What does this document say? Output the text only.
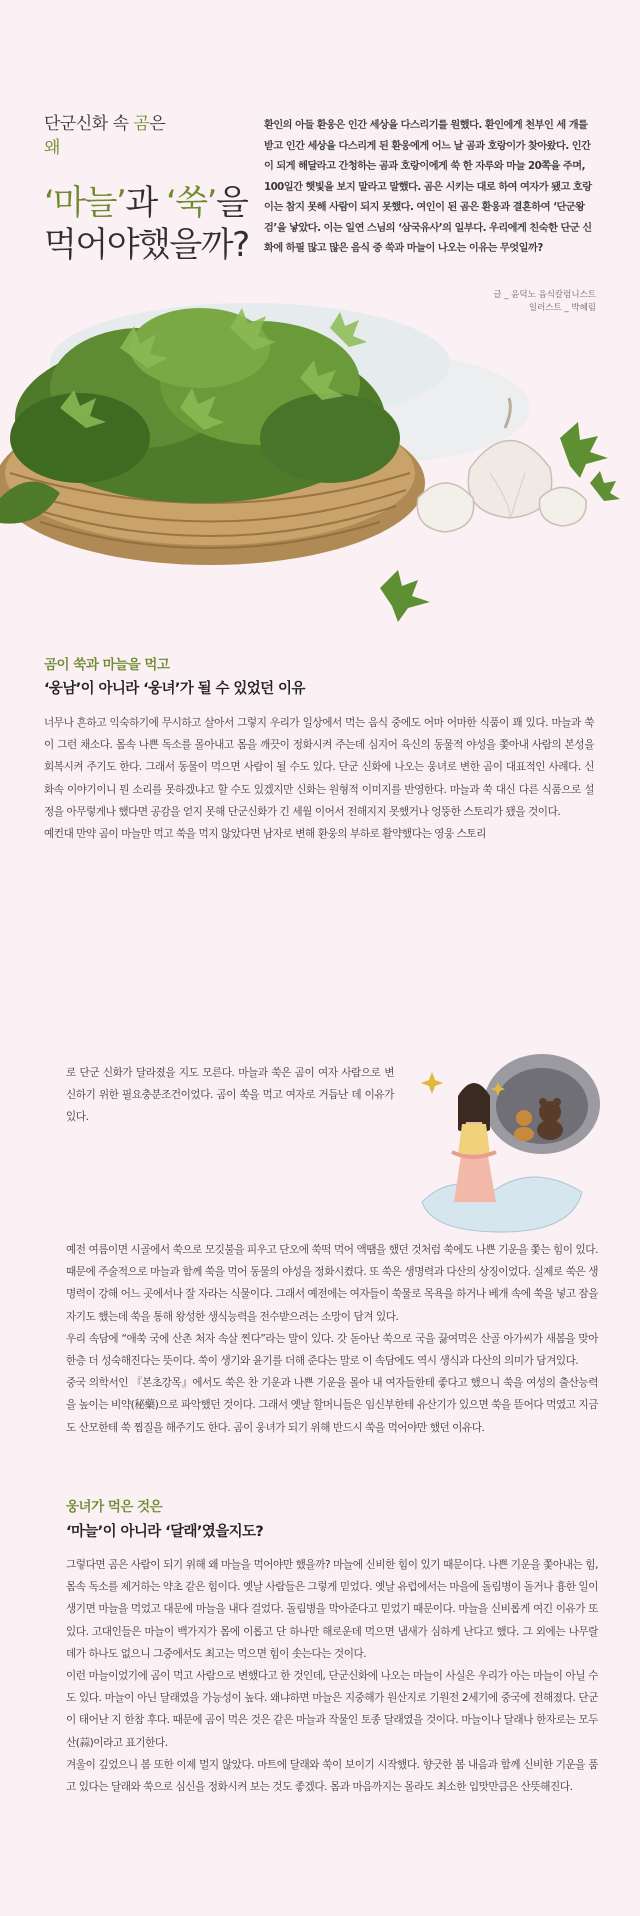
단군신화 속 곰은
왜
‘마늘’과 ‘쑥’을
먹어야했을까?
환인의 아들 환웅은 인간 세상을 다스리기를 원했다. 환인에게 천부인 세 개를 받고 인간 세상을 다스리게 된 환웅에게 어느 날 곰과 호랑이가 찾아왔다. 인간이 되게 해달라고 간청하는 곰과 호랑이에게 쑥 한 자루와 마늘 20쪽을 주며, 100일간 햇빛을 보지 말라고 말했다. 곰은 시키는 대로 하여 여자가 됐고 호랑이는 참지 못해 사람이 되지 못했다. 여인이 된 곰은 환웅과 결혼하여 ‘단군왕검’을 낳았다. 이는 일연 스님의 ‘삼국유사’의 일부다. 우리에게 친숙한 단군 신화에 하필 많고 많은 음식 중 쑥과 마늘이 나오는 이유는 무엇일까?
글 _ 윤덕노 음식칼럼니스트
일러스트 _ 박혜림
곰이 쑥과 마늘을 먹고
‘웅남’이 아니라 ‘웅녀’가 될 수 있었던 이유
너무나 흔하고 익숙하기에 무시하고 살아서 그렇지 우리가 일상에서 먹는 음식 중에도 어마 어마한 식품이 꽤 있다. 마늘과 쑥이 그런 채소다. 몸속 나쁜 독소를 몰아내고 몸을 깨끗이 정화시켜 주는데 심지어 육신의 동물적 야성을 쫓아내 사람의 본성을 회복시켜 주기도 한다. 그래서 동물이 먹으면 사람이 될 수도 있다. 단군 신화에 나오는 웅녀로 변한 곰이 대표적인 사례다. 신화속 이야기이니 뭔 소리를 못하겠냐고 할 수도 있겠지만 신화는 원형적 이미지를 반영한다. 마늘과 쑥 대신 다른 식품으로 설정을 아무렇게나 했다면 공감을 얻지 못해 단군신화가 긴 세월 이어서 전해지지 못했거나 엉뚱한 스토리가 됐을 것이다.
예컨대 만약 곰이 마늘만 먹고 쑥을 먹지 않았다면 남자로 변해 환웅의 부하로 활약했다는 영웅 스토리
로 단군 신화가 달라졌을 지도 모른다. 마늘과 쑥은 곰이 여자 사람으로 변신하기 위한 필요충분조건이었다. 곰이 쑥을 먹고 여자로 거듭난 데 이유가 있다.
예전 여름이면 시골에서 쑥으로 모깃불을 피우고 단오에 쑥떡 먹어 액땜을 했던 것처럼 쑥에도 나쁜 기운을 쫓는 힘이 있다. 때문에 주술적으로 마늘과 함께 쑥을 먹어 동물의 야성을 정화시켰다. 또 쑥은 생명력과 다산의 상징이었다. 실제로 쑥은 생명력이 강해 어느 곳에서나 잘 자라는 식물이다. 그래서 예전에는 여자들이 쑥물로 목욕을 하거나 베개 속에 쑥을 넣고 잠을 자기도 했는데 쑥을 통해 왕성한 생식능력을 전수받으려는 소망이 담겨 있다.
우리 속담에 “애쑥 국에 산촌 처자 속살 찐다”라는 말이 있다. 갓 돋아난 쑥으로 국을 끓여먹은 산골 아가씨가 새봄을 맞아 한층 더 성숙해진다는 뜻이다. 쑥이 생기와 윤기를 더해 준다는 말로 이 속담에도 역시 생식과 다산의 의미가 담겨있다.
중국 의학서인 『본초강목』에서도 쑥은 찬 기운과 나쁜 기운을 몰아 내 여자들한테 좋다고 했으니 쑥을 여성의 출산능력을 높이는 비약(秘藥)으로 파악했던 것이다. 그래서 옛날 할머니들은 임신부한테 유산기가 있으면 쑥을 뜯어다 먹였고 지금도 산모한테 쑥 찜질을 해주기도 한다. 곰이 웅녀가 되기 위해 반드시 쑥을 먹어야만 했던 이유다.
웅녀가 먹은 것은
‘마늘’이 아니라 ‘달래’였을지도?
그렇다면 곰은 사람이 되기 위해 왜 마늘을 먹어야만 했을까? 마늘에 신비한 힘이 있기 때문이다. 나쁜 기운을 쫓아내는 힘, 몸속 독소를 제거하는 약초 같은 힘이다. 옛날 사람들은 그렇게 믿었다. 옛날 유럽에서는 마을에 돌림병이 돌거나 흉한 일이 생기면 마늘을 먹었고 대문에 마늘을 내다 걸었다. 돌림병을 막아준다고 믿었기 때문이다. 마늘을 신비롭게 여긴 이유가 또 있다. 고대인들은 마늘이 백가지가 몸에 이롭고 단 하나만 해로운데 먹으면 냄새가 심하게 난다고 했다. 그 외에는 나무랄 데가 하나도 없으니 그중에서도 최고는 먹으면 힘이 솟는다는 것이다.
이런 마늘이었기에 곰이 먹고 사람으로 변했다고 한 것인데, 단군신화에 나오는 마늘이 사실은 우리가 아는 마늘이 아닐 수도 있다. 마늘이 아닌 달래였을 가능성이 높다. 왜냐하면 마늘은 지중해가 원산지로 기원전 2세기에 중국에 전해졌다. 단군이 태어난 지 한참 후다. 때문에 곰이 먹은 것은 같은 마늘과 작물인 토종 달래였을 것이다. 마늘이나 달래나 한자로는 모두 산(蒜)이라고 표기한다.
겨울이 깊었으니 봄 또한 이제 멀지 않았다. 마트에 달래와 쑥이 보이기 시작했다. 향긋한 봄 내음과 함께 신비한 기운을 품고 있다는 달래와 쑥으로 심신을 정화시켜 보는 것도 좋겠다. 몸과 마음까지는 몰라도 최소한 입맛만큼은 산뜻해진다.
